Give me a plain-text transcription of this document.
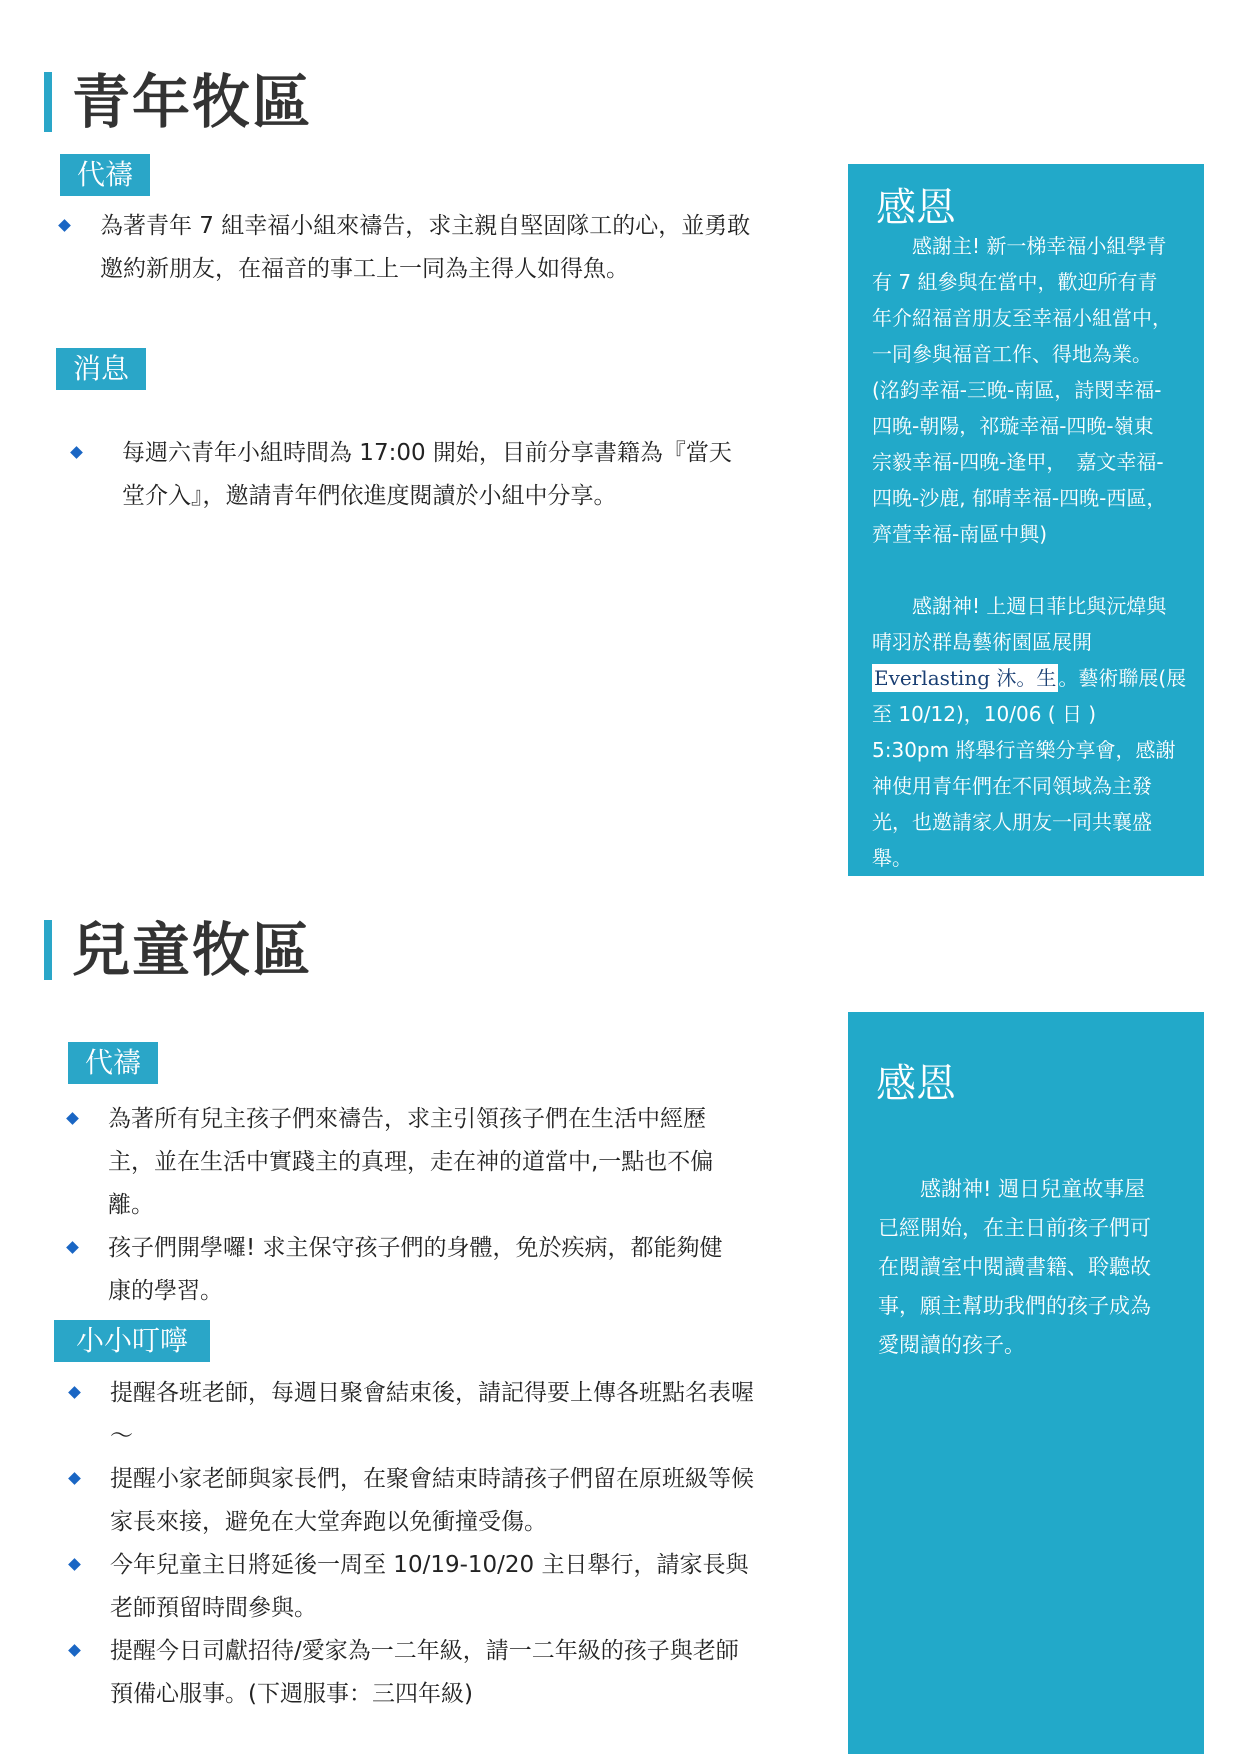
青年牧區
代禱
為著青年 7 組幸福小組來禱告，求主親自堅固隊工的心，並勇敢
邀約新朋友，在福音的事工上一同為主得人如得魚。
消息
每週六青年小組時間為 17:00 開始，目前分享書籍為『當天
堂介入』，邀請青年們依進度閱讀於小組中分享。
感恩
　　感謝主! 新一梯幸福小組學青
有 7 組參與在當中，歡迎所有青
年介紹福音朋友至幸福小組當中，
一同參與福音工作、得地為業。
(洺鈞幸福-三晚-南區，詩閔幸福-
四晚-朝陽，祁璇幸福-四晚-嶺東
宗毅幸福-四晚-逢甲，　嘉文幸福-
四晚-沙鹿, 郁晴幸福-四晚-西區，
齊萱幸福-南區中興)
　　感謝神! 上週日菲比與沅煒與
晴羽於群島藝術園區展開
Everlasting 沐。生 。藝術聯展(展
至 10/12)，10/06 ( 日 )
5:30pm 將舉行音樂分享會，感謝
神使用青年們在不同領域為主發
光，也邀請家人朋友一同共襄盛
舉。
兒童牧區
代禱
為著所有兒主孩子們來禱告，求主引領孩子們在生活中經歷
主，並在生活中實踐主的真理，走在神的道當中,一點也不偏
離。
孩子們開學囉! 求主保守孩子們的身體，免於疾病，都能夠健
康的學習。
小小叮嚀
提醒各班老師，每週日聚會結束後，請記得要上傳各班點名表喔
～
提醒小家老師與家長們，在聚會結束時請孩子們留在原班級等候
家長來接，避免在大堂奔跑以免衝撞受傷。
今年兒童主日將延後一周至 10/19-10/20 主日舉行，請家長與
老師預留時間參與。
提醒今日司獻招待/愛家為一二年級，請一二年級的孩子與老師
預備心服事。(下週服事：三四年級)
感恩
　　感謝神! 週日兒童故事屋
已經開始，在主日前孩子們可
在閱讀室中閱讀書籍、聆聽故
事，願主幫助我們的孩子成為
愛閱讀的孩子。
